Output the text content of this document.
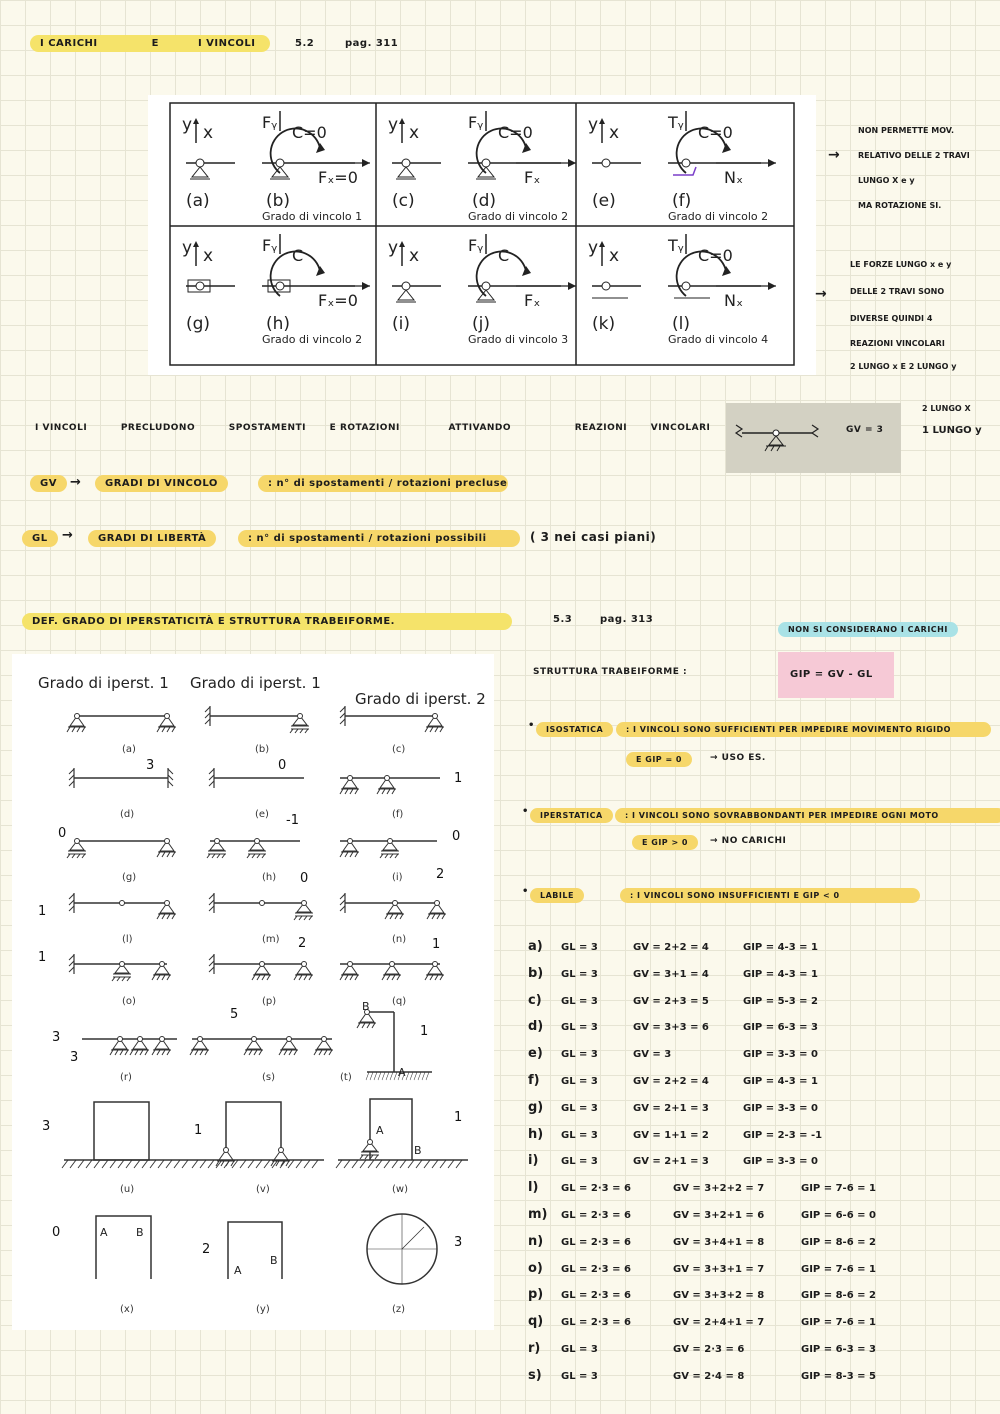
I CARICHI	E	I VINCOLI	5.2	pag. 311
y x
Fᵧ
C=0
Fₓ=0
(a)	(b)
Grado di vincolo 1
y x
Fᵧ
C=0
Fₓ
(c)	(d)
Grado di vincolo 2
y x
Tᵧ
C=0
Nₓ
(e)	(f)
Grado di vincolo 2
y x
Fᵧ
C
Fₓ=0
(g)	(h)
Grado di vincolo 2
y x
Fᵧ
C
Fₓ
(i)	(j)
Grado di vincolo 3
y x
Tᵧ
C=0
Nₓ
(k)	(l)
Grado di vincolo 4
→
NON PERMETTE MOV.
RELATIVO DELLE 2 TRAVI
LUNGO X e y
MA ROTAZIONE SI.
→
LE FORZE LUNGO x e y
DELLE 2 TRAVI SONO
DIVERSE QUINDI 4
REAZIONI VINCOLARI
2 LUNGO x E 2 LUNGO y
I VINCOLI	PRECLUDONO	SPOSTAMENTI	E ROTAZIONI	ATTIVANDO	REAZIONI	VINCOLARI	GV = 3
2 LUNGO X
1 LUNGO y
GV	→	GRADI DI VINCOLO	: n° di spostamenti / rotazioni precluse
GL	→	GRADI DI LIBERTÀ	: n° di spostamenti / rotazioni possibili	( 3 nei casi piani)
DEF. GRADO DI IPERSTATICITÀ E STRUTTURA TRABEIFORME.	5.3	pag. 313
NON SI CONSIDERANO I CARICHI
STRUTTURA TRABEIFORME :	GIP = GV - GL
•	ISOSTATICA	: I VINCOLI SONO SUFFICIENTI PER IMPEDIRE MOVIMENTO RIGIDO
E GIP = 0	→ USO ES.
•	IPERSTATICA	: I VINCOLI SONO SOVRABBONDANTI PER IMPEDIRE OGNI MOTO
E GIP > 0	→ NO CARICHI
•	LABILE	: I VINCOLI SONO INSUFFICIENTI E GIP < 0
a) GL = 3	GV = 2+2 = 4	GIP = 4-3 = 1
b) GL = 3	GV = 3+1 = 4	GIP = 4-3 = 1
c) GL = 3	GV = 2+3 = 5	GIP = 5-3 = 2
d) GL = 3	GV = 3+3 = 6	GIP = 6-3 = 3
e) GL = 3	GV = 3	GIP = 3-3 = 0
f) GL = 3	GV = 2+2 = 4	GIP = 4-3 = 1
g) GL = 3	GV = 2+1 = 3	GIP = 3-3 = 0
h) GL = 3	GV = 1+1 = 2	GIP = 2-3 = -1
i) GL = 3	GV = 2+1 = 3	GIP = 3-3 = 0
l) GL = 2·3 = 6	GV = 3+2+2 = 7	GIP = 7-6 = 1
m) GL = 2·3 = 6	GV = 3+2+1 = 6	GIP = 6-6 = 0
n) GL = 2·3 = 6	GV = 3+4+1 = 8	GIP = 8-6 = 2
o) GL = 2·3 = 6	GV = 3+3+1 = 7	GIP = 7-6 = 1
p) GL = 2·3 = 6	GV = 3+3+2 = 8	GIP = 8-6 = 2
q) GL = 2·3 = 6	GV = 2+4+1 = 7	GIP = 7-6 = 1
r) GL = 3	GV = 2·3 = 6	GIP = 6-3 = 3
s) GL = 3	GV = 2·4 = 8	GIP = 8-3 = 5
Grado di iperst. 1 Grado di iperst. 1
Grado di iperst. 2
(a)	(b)	(c)
(d)	(e)	(f)
(g)	(h)	(i)
(l)	(m)	(n)
(o)	(p)	(q)
(r)	(s)	(t)
(u)	(v)	(w)
(x)	(y)	(z)
3	0
1
-1
0	0
0	2
1
1
2	1
3
3
5
1
3	1
1
0
2	3
A
B
A
B
A	B
A
B
